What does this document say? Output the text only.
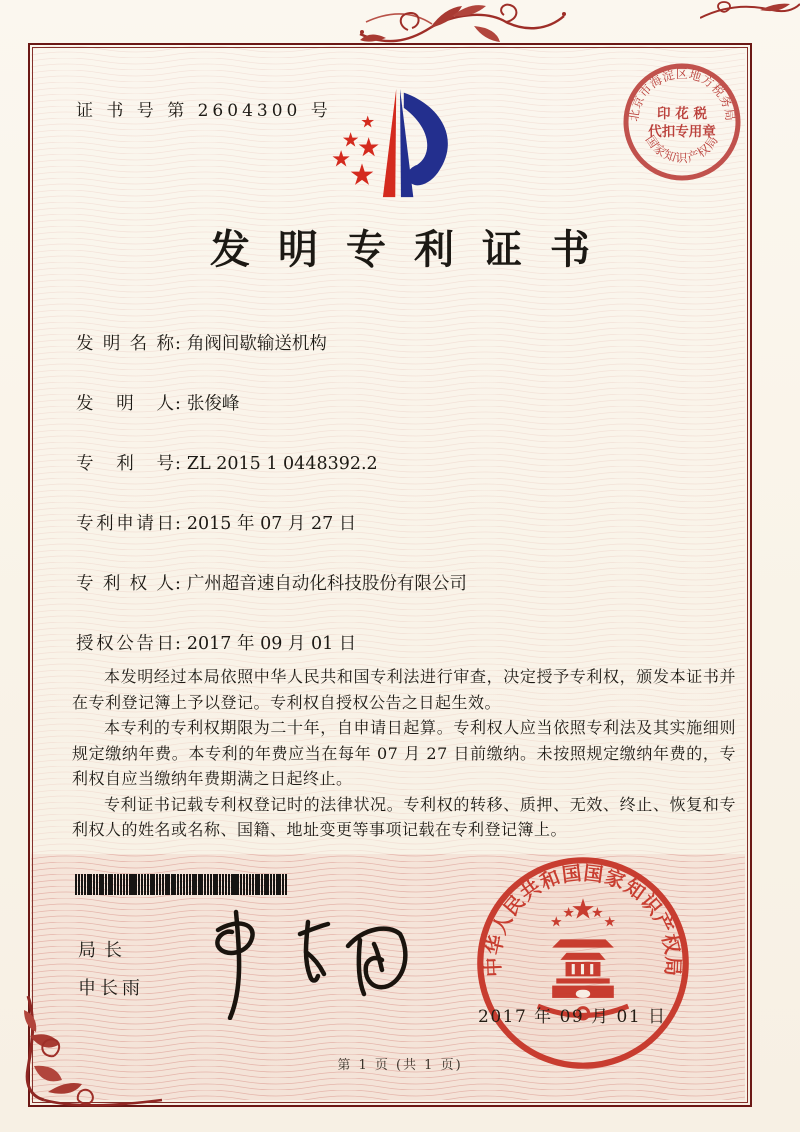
证 书 号 第 2604300 号	北京市海淀区地方税务局
国家知识产权局
印 花 税
代扣专用章
发明专利证书
发明名称: 角阀间歇输送机构
发明人: 张俊峰
专利号: ZL 2015 1 0448392.2
专利申请日: 2015 年 07 月 27 日
专利权人: 广州超音速自动化科技股份有限公司
授权公告日: 2017 年 09 月 01 日

本发明经过本局依照中华人民共和国专利法进行审查，决定授予专利权，颁发本证书并在专利登记簿上予以登记。专利权自授权公告之日起生效。

本专利的专利权期限为二十年，自申请日起算。专利权人应当依照专利法及其实施细则规定缴纳年费。本专利的年费应当在每年 07 月 27 日前缴纳。未按照规定缴纳年费的，专利权自应当缴纳年费期满之日起终止。

专利证书记载专利权登记时的法律状况。专利权的转移、质押、无效、终止、恢复和专利权人的姓名或名称、国籍、地址变更等事项记载在专利登记簿上。

局长
申长雨
中华人民共和国国家知识产权局
2017 年 09 月 01 日
第 1 页 (共 1 页)
